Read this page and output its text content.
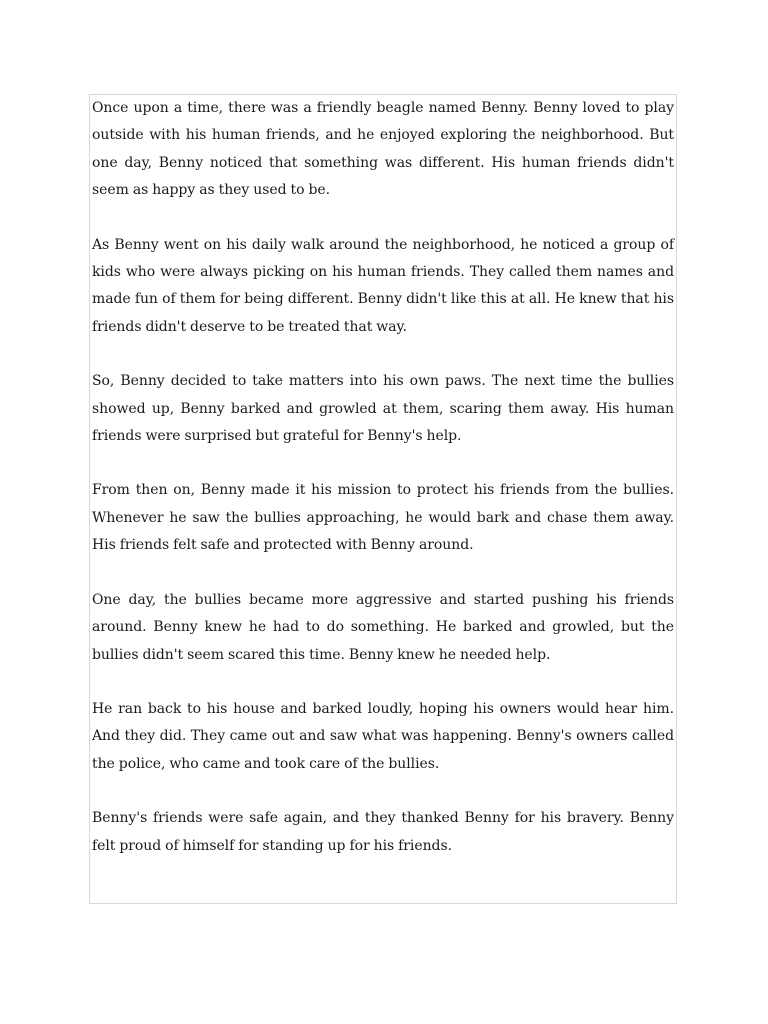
Once upon a time, there was a friendly beagle named Benny. Benny loved to play outside with his human friends, and he enjoyed exploring the neighborhood. But one day, Benny noticed that something was different. His human friends didn't seem as happy as they used to be.

As Benny went on his daily walk around the neighborhood, he noticed a group of kids who were always picking on his human friends. They called them names and made fun of them for being different. Benny didn't like this at all. He knew that his friends didn't deserve to be treated that way.

So, Benny decided to take matters into his own paws. The next time the bullies showed up, Benny barked and growled at them, scaring them away. His human friends were surprised but grateful for Benny's help.

From then on, Benny made it his mission to protect his friends from the bullies. Whenever he saw the bullies approaching, he would bark and chase them away. His friends felt safe and protected with Benny around.

One day, the bullies became more aggressive and started pushing his friends around. Benny knew he had to do something. He barked and growled, but the bullies didn't seem scared this time. Benny knew he needed help.

He ran back to his house and barked loudly, hoping his owners would hear him. And they did. They came out and saw what was happening. Benny's owners called the police, who came and took care of the bullies.

Benny's friends were safe again, and they thanked Benny for his bravery. Benny felt proud of himself for standing up for his friends.
